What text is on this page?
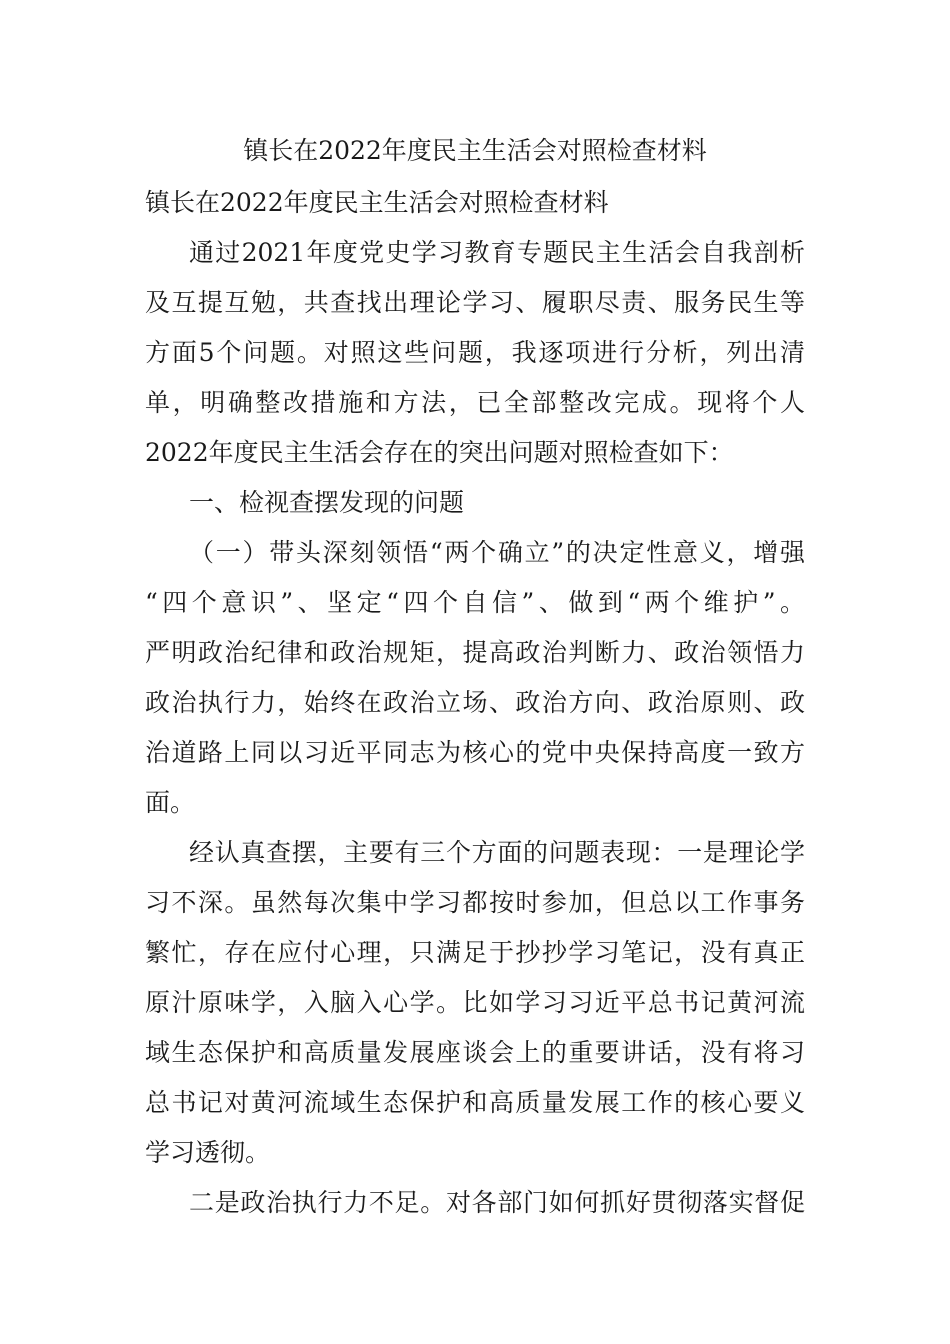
镇长在2022年度民主生活会对照检查材料
镇长在2022年度民主生活会对照检查材料
通过2021年度党史学习教育专题民主生活会自我剖析
及互提互勉，共查找出理论学习、履职尽责、服务民生等
方面5个问题。对照这些问题，我逐项进行分析，列出清
单，明确整改措施和方法，已全部整改完成。现将个人
2022年度民主生活会存在的突出问题对照检查如下：
一、检视查摆发现的问题
（一）带头深刻领悟“两个确立”的决定性意义，增强
“四个意识”、坚定“四个自信”、做到“两个维护”。
严明政治纪律和政治规矩，提高政治判断力、政治领悟力
政治执行力，始终在政治立场、政治方向、政治原则、政
治道路上同以习近平同志为核心的党中央保持高度一致方
面。
经认真查摆，主要有三个方面的问题表现：一是理论学
习不深。虽然每次集中学习都按时参加，但总以工作事务
繁忙，存在应付心理，只满足于抄抄学习笔记，没有真正
原汁原味学，入脑入心学。比如学习习近平总书记黄河流
域生态保护和高质量发展座谈会上的重要讲话，没有将习
总书记对黄河流域生态保护和高质量发展工作的核心要义
学习透彻。
二是政治执行力不足。对各部门如何抓好贯彻落实督促
